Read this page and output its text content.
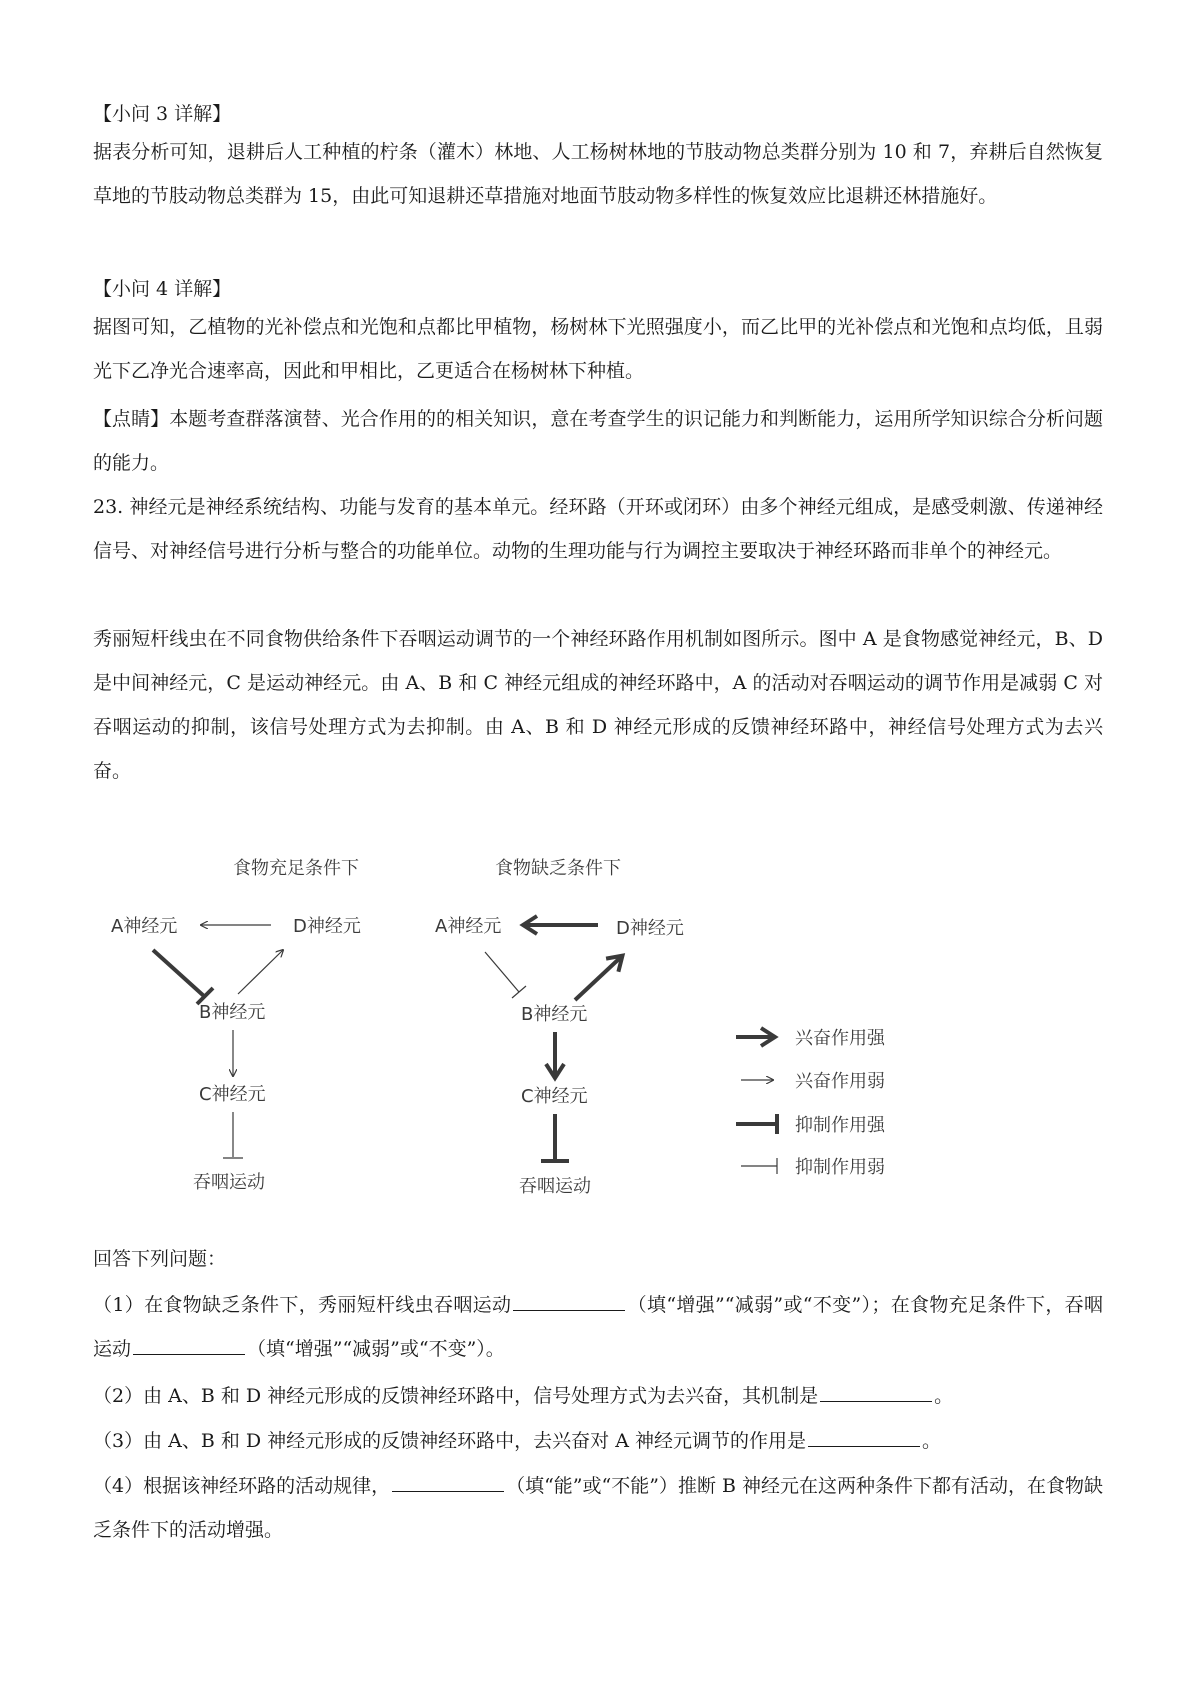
【小问 3 详解】

据表分析可知，退耕后人工种植的柠条（灌木）林地、人工杨树林地的节肢动物总类群分别为 10 和 7，弃耕后自然恢复草地的节肢动物总类群为 15，由此可知退耕还草措施对地面节肢动物多样性的恢复效应比退耕还林措施好。

【小问 4 详解】

据图可知，乙植物的光补偿点和光饱和点都比甲植物，杨树林下光照强度小，而乙比甲的光补偿点和光饱和点均低，且弱光下乙净光合速率高，因此和甲相比，乙更适合在杨树林下种植。

【点睛】本题考查群落演替、光合作用的的相关知识，意在考查学生的识记能力和判断能力，运用所学知识综合分析问题的能力。

23. 神经元是神经系统结构、功能与发育的基本单元。经环路（开环或闭环）由多个神经元组成，是感受刺激、传递神经信号、对神经信号进行分析与整合的功能单位。动物的生理功能与行为调控主要取决于神经环路而非单个的神经元。

秀丽短杆线虫在不同食物供给条件下吞咽运动调节的一个神经环路作用机制如图所示。图中 A 是食物感觉神经元，B、D 是中间神经元，C 是运动神经元。由 A、B 和 C 神经元组成的神经环路中，A 的活动对吞咽运动的调节作用是减弱 C 对吞咽运动的抑制，该信号处理方式为去抑制。由 A、B 和 D 神经元形成的反馈神经环路中，神经信号处理方式为去兴奋。

食物充足条件下
A神经元	D神经元
B神经元
C神经元
吞咽运动
食物缺乏条件下
A神经元	D神经元
B神经元
C神经元
吞咽运动
兴奋作用强
兴奋作用弱
抑制作用强
抑制作用弱

回答下列问题：

（1）在食物缺乏条件下，秀丽短杆线虫吞咽运动	（填“增强”“减弱”或“不变”）；在食物充足条件下，吞咽运动	（填“增强”“减弱”或“不变”）。

（2）由 A、B 和 D 神经元形成的反馈神经环路中，信号处理方式为去兴奋，其机制是	。

（3）由 A、B 和 D 神经元形成的反馈神经环路中，去兴奋对 A 神经元调节的作用是	。

（4）根据该神经环路的活动规律，	（填“能”或“不能”）推断 B 神经元在这两种条件下都有活动，在食物缺乏条件下的活动增强。
